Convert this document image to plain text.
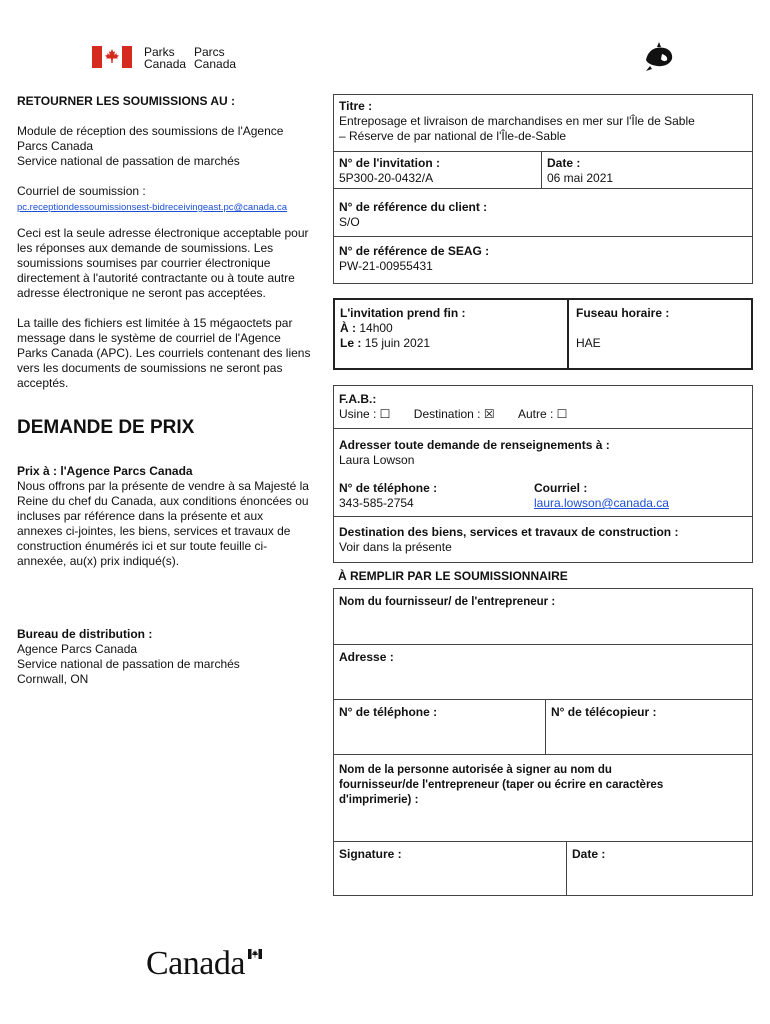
Parks	Parcs
Canada Canada

RETOURNER LES SOUMISSIONS AU :

Module de réception des soumissions de l'Agence

Parcs Canada

Service national de passation de marchés

Courriel de soumission :

pc.receptiondessoumissionsest-bidreceivingeast.pc@canada.ca

Ceci est la seule adresse électronique acceptable pour

les réponses aux demande de soumissions. Les

soumissions soumises par courrier électronique

directement à l'autorité contractante ou à toute autre

adresse électronique ne seront pas acceptées.

La taille des fichiers est limitée à 15 mégaoctets par

message dans le système de courriel de l'Agence

Parks Canada (APC). Les courriels contenant des liens

vers les documents de soumissions ne seront pas

acceptés.

DEMANDE DE PRIX

Prix à : l'Agence Parcs Canada

Nous offrons par la présente de vendre à sa Majesté la

Reine du chef du Canada, aux conditions énoncées ou

incluses par référence dans la présente et aux

annexes ci-jointes, les biens, services et travaux de

construction énumérés ici et sur toute feuille ci-

annexée, au(x) prix indiqué(s).

Bureau de distribution :

Agence Parcs Canada

Service national de passation de marchés

Cornwall, ON

Titre :
Entreposage et livraison de marchandises en mer sur l'Île de Sable
– Réserve de par national de l'Île-de-Sable
N° de l'invitation :
5P300-20-0432/A
Date :
06 mai 2021
N° de référence du client :
S/O
N° de référence de SEAG :
PW-21-00955431
L'invitation prend fin :
À : 14h00
Le : 15 juin 2021
Fuseau horaire :
HAE
F.A.B.:
Usine : ☐ Destination : ☒ Autre : ☐
Adresser toute demande de renseignements à :
Laura Lowson
N° de téléphone :
343-585-2754
Courriel :
laura.lowson@canada.ca
Destination des biens, services et travaux de construction :
Voir dans la présente
À REMPLIR PAR LE SOUMISSIONNAIRE
Nom du fournisseur/ de l'entrepreneur :
Adresse :
N° de téléphone :	N° de télécopieur :
Nom de la personne autorisée à signer au nom du
fournisseur/de l'entrepreneur (taper ou écrire en caractères
d'imprimerie) :
Signature :	Date :
Canada
